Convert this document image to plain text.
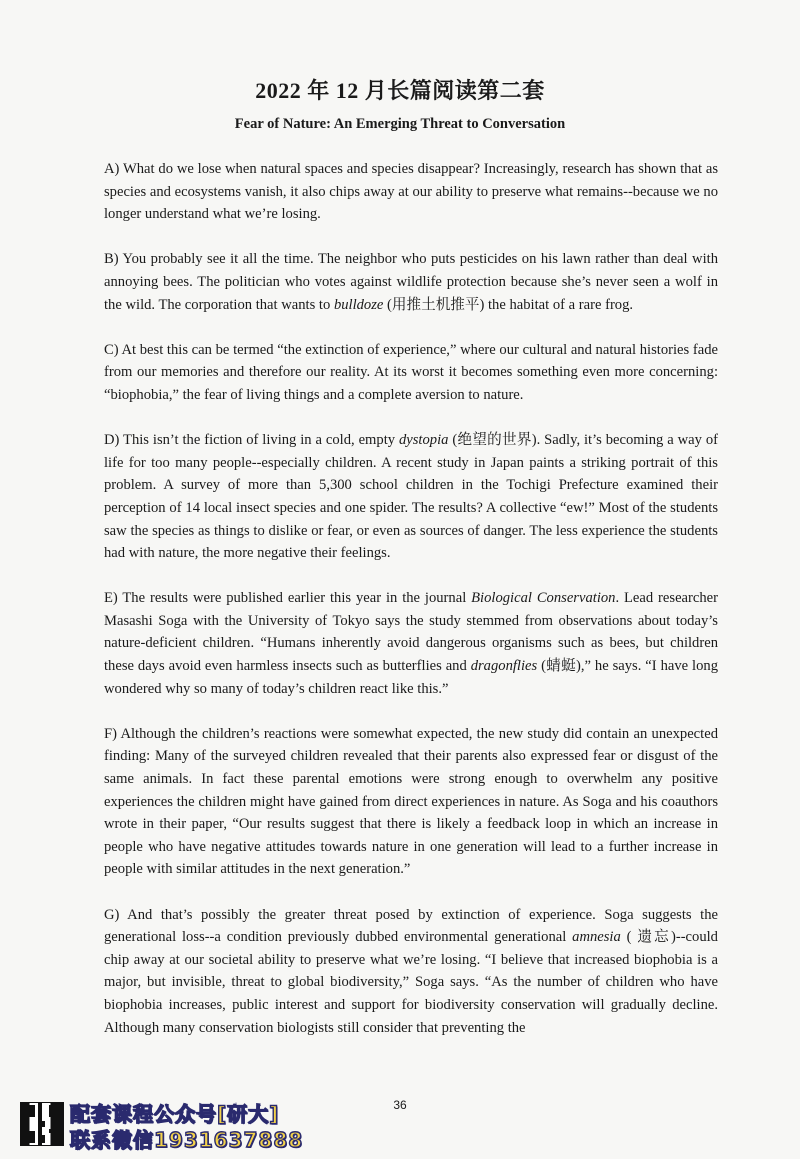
2022 年 12 月长篇阅读第二套
Fear of Nature: An Emerging Threat to Conversation

A) What do we lose when natural spaces and species disappear? Increasingly, research has shown that as species and ecosystems vanish, it also chips away at our ability to preserve what remains--because we no longer understand what we’re losing.

B) You probably see it all the time. The neighbor who puts pesticides on his lawn rather than deal with annoying bees. The politician who votes against wildlife protection because she’s never seen a wolf in the wild. The corporation that wants to bulldoze (用推土机推平) the habitat of a rare frog.

C) At best this can be termed “the extinction of experience,” where our cultural and natural histories fade from our memories and therefore our reality. At its worst it becomes something even more concerning: “biophobia,” the fear of living things and a complete aversion to nature.

D) This isn’t the fiction of living in a cold, empty dystopia (绝望的世界). Sadly, it’s becoming a way of life for too many people--especially children. A recent study in Japan paints a striking portrait of this problem. A survey of more than 5,300 school children in the Tochigi Prefecture examined their perception of 14 local insect species and one spider. The results? A collective “ew!” Most of the students saw the species as things to dislike or fear, or even as sources of danger. The less experience the students had with nature, the more negative their feelings.

E) The results were published earlier this year in the journal Biological Conservation. Lead researcher Masashi Soga with the University of Tokyo says the study stemmed from observations about today’s nature-deficient children. “Humans inherently avoid dangerous organisms such as bees, but children these days avoid even harmless insects such as butterflies and dragonflies (蜻蜓),” he says. “I have long wondered why so many of today’s children react like this.”

F) Although the children’s reactions were somewhat expected, the new study did contain an unexpected finding: Many of the surveyed children revealed that their parents also expressed fear or disgust of the same animals. In fact these parental emotions were strong enough to overwhelm any positive experiences the children might have gained from direct experiences in nature. As Soga and his coauthors wrote in their paper, “Our results suggest that there is likely a feedback loop in which an increase in people who have negative attitudes towards nature in one generation will lead to a further increase in people with similar attitudes in the next generation.”

G) And that’s possibly the greater threat posed by extinction of experience. Soga suggests the generational loss--a condition previously dubbed environmental generational amnesia ( 遗忘)--could chip away at our societal ability to preserve what we’re losing. “I believe that increased biophobia is a major, but invisible, threat to global biodiversity,” Soga says. “As the number of children who have biophobia increases, public interest and support for biodiversity conservation will gradually decline. Although many conservation biologists still consider that preventing the

36
配套课程公众号[研大]
联系微信1931637888
